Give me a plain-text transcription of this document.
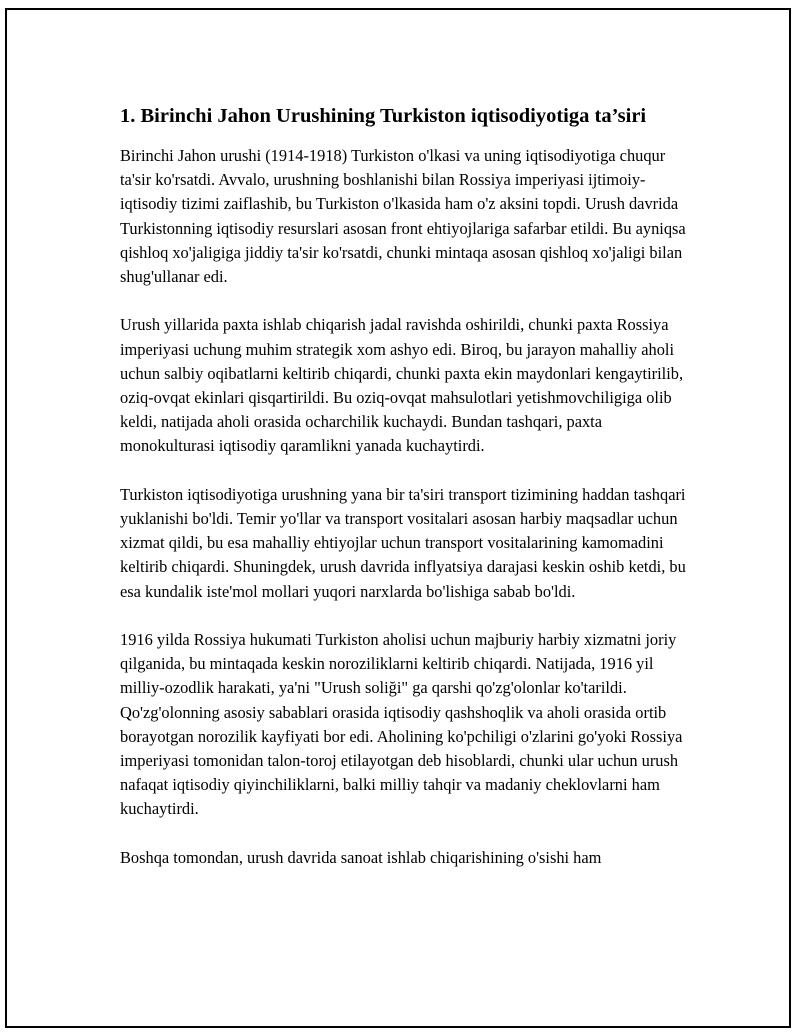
1. Birinchi Jahon Urushining Turkiston iqtisodiyotiga ta’siri

Birinchi Jahon urushi (1914-1918) Turkiston o'lkasi va uning iqtisodiyotiga chuqur ta'sir ko'rsatdi. Avvalo, urushning boshlanishi bilan Rossiya imperiyasi ijtimoiy-iqtisodiy tizimi zaiflashib, bu Turkiston o'lkasida ham o'z aksini topdi. Urush davrida Turkistonning iqtisodiy resurslari asosan front ehtiyojlariga safarbar etildi. Bu ayniqsa qishloq xo'jaligiga jiddiy ta'sir ko'rsatdi, chunki mintaqa asosan qishloq xo'jaligi bilan shug'ullanar edi.

Urush yillarida paxta ishlab chiqarish jadal ravishda oshirildi, chunki paxta Rossiya imperiyasi uchung muhim strategik xom ashyo edi. Biroq, bu jarayon mahalliy aholi uchun salbiy oqibatlarni keltirib chiqardi, chunki paxta ekin maydonlari kengaytirilib, oziq-ovqat ekinlari qisqartirildi. Bu oziq-ovqat mahsulotlari yetishmovchiligiga olib keldi, natijada aholi orasida ocharchilik kuchaydi. Bundan tashqari, paxta monokulturasi iqtisodiy qaramlikni yanada kuchaytirdi.

Turkiston iqtisodiyotiga urushning yana bir ta'siri transport tizimining haddan tashqari yuklanishi bo'ldi. Temir yo'llar va transport vositalari asosan harbiy maqsadlar uchun xizmat qildi, bu esa mahalliy ehtiyojlar uchun transport vositalarining kamomadini keltirib chiqardi. Shuningdek, urush davrida inflyatsiya darajasi keskin oshib ketdi, bu esa kundalik iste'mol mollari yuqori narxlarda bo'lishiga sabab bo'ldi.

1916 yilda Rossiya hukumati Turkiston aholisi uchun majburiy harbiy xizmatni joriy qilganida, bu mintaqada keskin noroziliklarni keltirib chiqardi. Natijada, 1916 yil milliy-ozodlik harakati, ya'ni "Urush soliği" ga qarshi qo'zg'olonlar ko'tarildi. Qo'zg'olonning asosiy sabablari orasida iqtisodiy qashshoqlik va aholi orasida ortib borayotgan norozilik kayfiyati bor edi. Aholining ko'pchiligi o'zlarini go'yoki Rossiya imperiyasi tomonidan talon-toroj etilayotgan deb hisoblardi, chunki ular uchun urush nafaqat iqtisodiy qiyinchiliklarni, balki milliy tahqir va madaniy cheklovlarni ham kuchaytirdi.

Boshqa tomondan, urush davrida sanoat ishlab chiqarishining o'sishi ham
